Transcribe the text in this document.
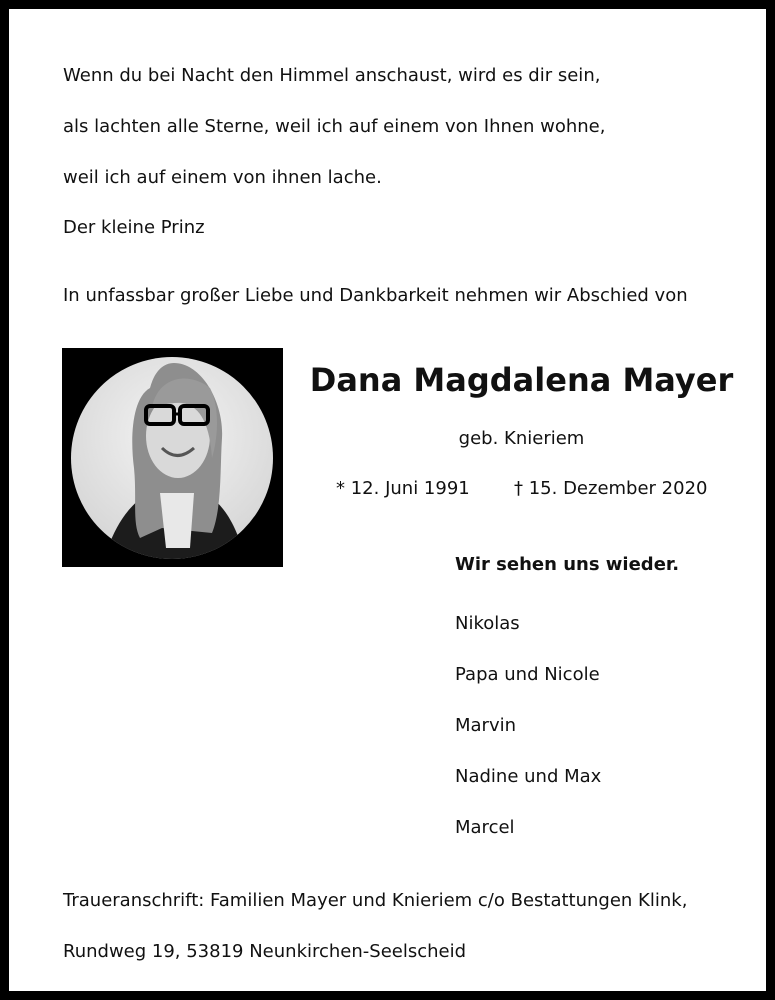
Wenn du bei Nacht den Himmel anschaust, wird es dir sein,
als lachten alle Sterne, weil ich auf einem von Ihnen wohne,
weil ich auf einem von ihnen lache.
Der kleine Prinz
In unfassbar großer Liebe und Dankbarkeit nehmen wir Abschied von
Dana Magdalena Mayer
geb. Knieriem
* 12. Juni 1991 † 15. Dezember 2020
Wir sehen uns wieder.
Nikolas
Papa und Nicole
Marvin
Nadine und Max
Marcel
Traueranschrift: Familien Mayer und Knieriem c/o Bestattungen Klink,
Rundweg 19, 53819 Neunkirchen-Seelscheid
